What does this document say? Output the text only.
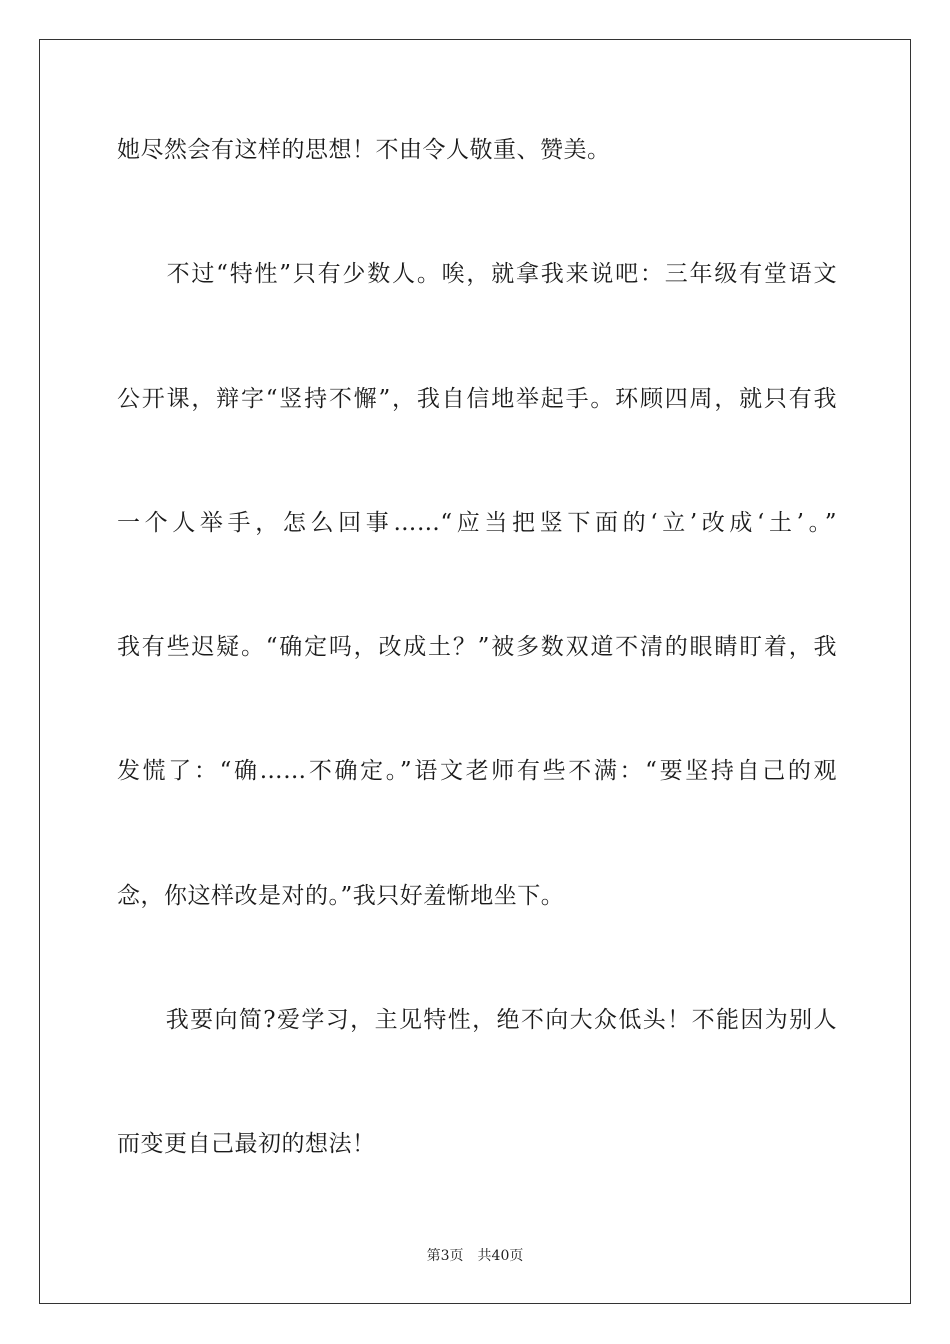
她尽然会有这样的思想！不由令人敬重、赞美。
　　不过“特性”只有少数人。唉，就拿我来说吧：三年级有堂语文
公开课，辩字“竖持不懈”，我自信地举起手。环顾四周，就只有我
一个人举手，怎么回事……“应当把竖下面的‘立’改成‘土’。”
我有些迟疑。“确定吗，改成土？”被多数双道不清的眼睛盯着，我
发慌了：“确……不确定。”语文老师有些不满：“要坚持自己的观
念，你这样改是对的。”我只好羞惭地坐下。
　　我要向简?爱学习，主见特性，绝不向大众低头！不能因为别人
而变更自己最初的想法！
第3页 共40页
